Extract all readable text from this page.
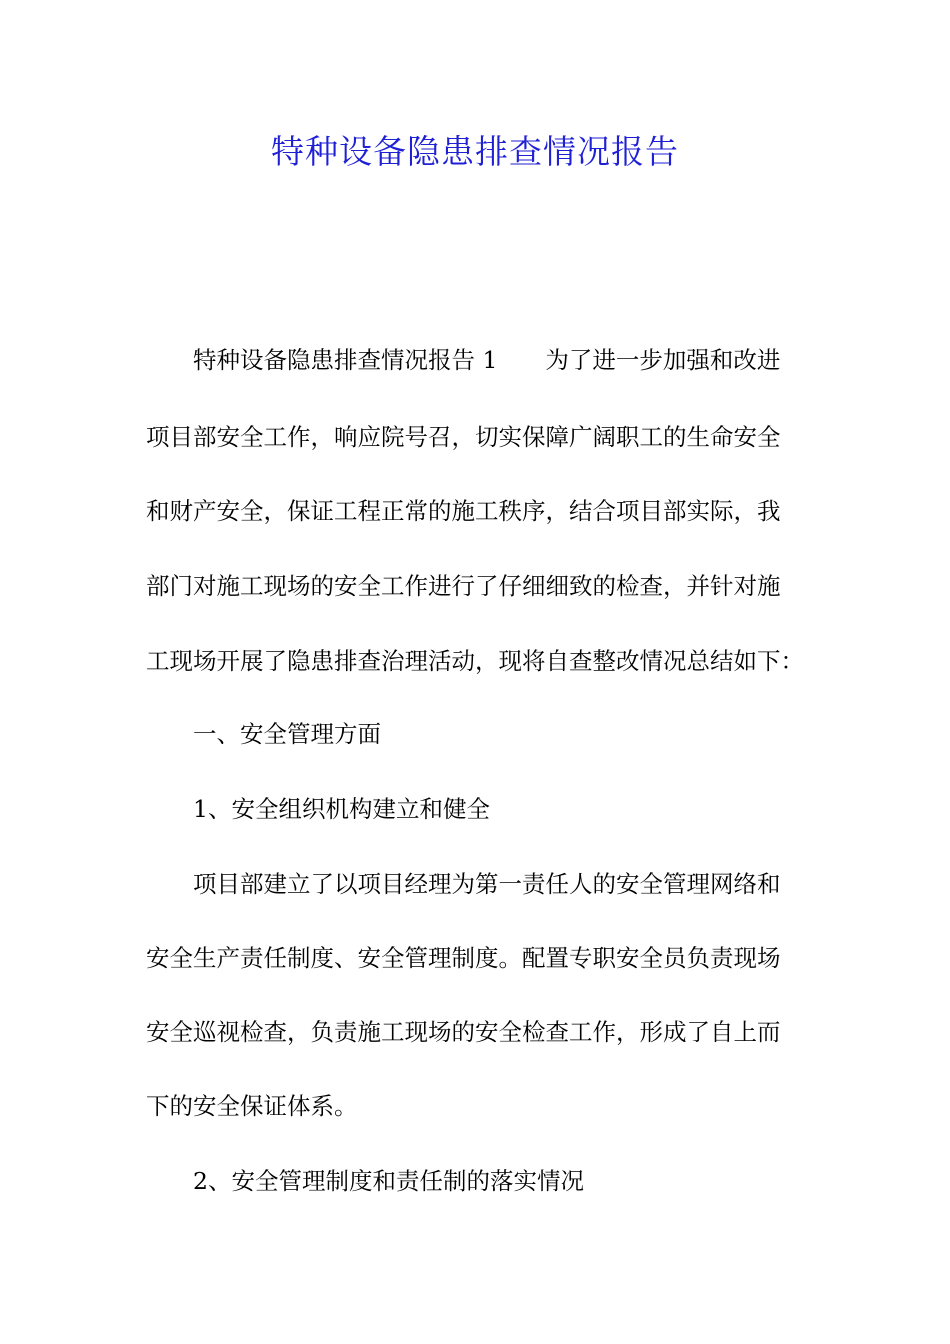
特种设备隐患排查情况报告
特种设备隐患排查情况报告 1 为了进一步加强和改进
项目部安全工作，响应院号召，切实保障广阔职工的生命安全
和财产安全，保证工程正常的施工秩序，结合项目部实际，我
部门对施工现场的安全工作进行了仔细细致的检查，并针对施
工现场开展了隐患排查治理活动，现将自查整改情况总结如下：
一、安全管理方面
1、安全组织机构建立和健全
项目部建立了以项目经理为第一责任人的安全管理网络和
安全生产责任制度、安全管理制度。配置专职安全员负责现场
安全巡视检查，负责施工现场的安全检查工作，形成了自上而
下的安全保证体系。
2、安全管理制度和责任制的落实情况
